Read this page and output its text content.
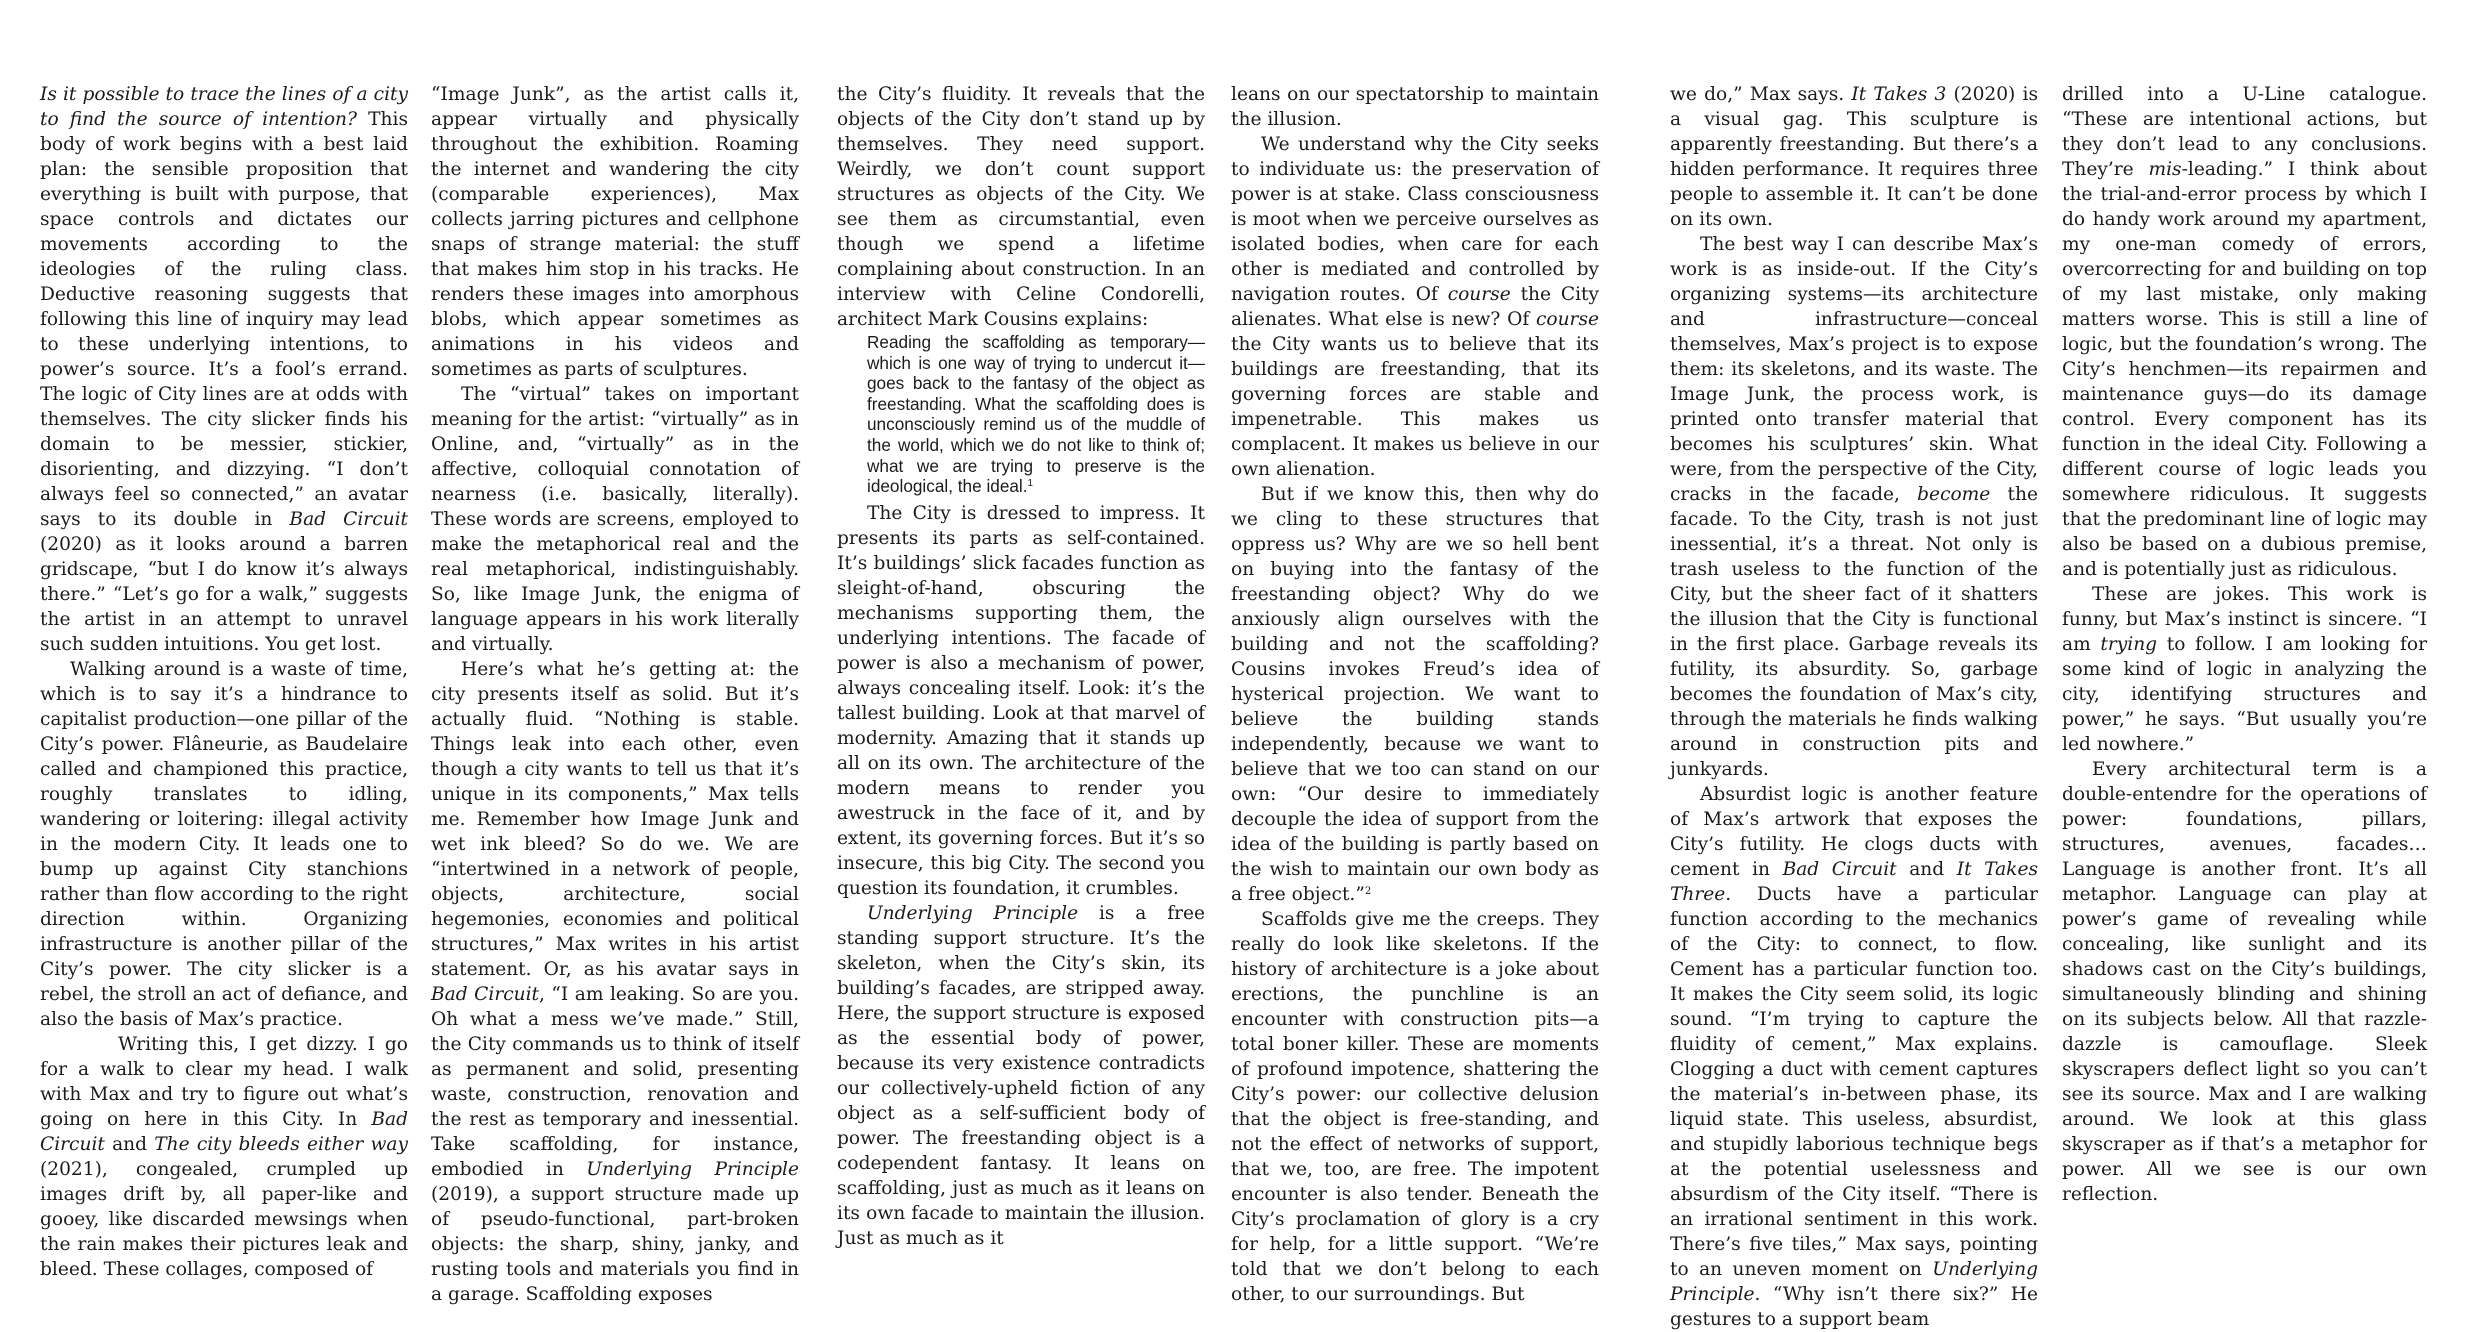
Is it possible to trace the lines of a city to find the source of intention? This body of work begins with a best laid plan: the sensible proposition that everything is built with purpose, that space controls and dictates our movements according to the ideologies of the ruling class. Deductive reasoning suggests that following this line of inquiry may lead to these underlying intentions, to power’s source. It’s a fool’s errand. The logic of City lines are at odds with themselves. The city slicker finds his domain to be messier, stickier, disorienting, and dizzying. “I don’t always feel so connected,” an avatar says to its double in Bad Circuit (2020) as it looks around a barren gridscape, “but I do know it’s always there.” “Let’s go for a walk,” suggests the artist in an attempt to unravel such sudden intuitions. You get lost.

Walking around is a waste of time, which is to say it’s a hindrance to capitalist production—one pillar of the City’s power. Flâneurie, as Baudelaire called and championed this practice, roughly translates to idling, wandering or loitering: illegal activity in the modern City. It leads one to bump up against City stanchions rather than flow according to the right direction within. Organizing infrastructure is another pillar of the City’s power. The city slicker is a rebel, the stroll an act of defiance, and also the basis of Max’s practice.

Writing this, I get dizzy. I go for a walk to clear my head. I walk with Max and try to figure out what’s going on here in this City. In Bad Circuit and The city bleeds either way (2021), congealed, crumpled up images drift by, all paper-like and gooey, like discarded mewsings when the rain makes their pictures leak and bleed. These collages, composed of

“Image Junk”, as the artist calls it, appear virtually and physically throughout the exhibition. Roaming the internet and wandering the city (comparable experiences), Max collects jarring pictures and cellphone snaps of strange material: the stuff that makes him stop in his tracks. He renders these images into amorphous blobs, which appear sometimes as animations in his videos and sometimes as parts of sculptures.

The “virtual” takes on important meaning for the artist: “virtually” as in Online, and, “virtually” as in the affective, colloquial connotation of nearness (i.e. basically, literally). These words are screens, employed to make the metaphorical real and the real metaphorical, indistinguishably. So, like Image Junk, the enigma of language appears in his work literally and virtually.

Here’s what he’s getting at: the city presents itself as solid. But it’s actually fluid. “Nothing is stable. Things leak into each other, even though a city wants to tell us that it’s unique in its components,” Max tells me. Remember how Image Junk and wet ink bleed? So do we. We are “intertwined in a network of people, objects, architecture, social hegemonies, economies and political structures,” Max writes in his artist statement. Or, as his avatar says in Bad Circuit, “I am leaking. So are you. Oh what a mess we’ve made.” Still, the City commands us to think of itself as permanent and solid, presenting waste, construction, renovation and the rest as temporary and inessential. Take scaffolding, for instance, embodied in Underlying Principle (2019), a support structure made up of pseudo-functional, part-broken objects: the sharp, shiny, janky, and rusting tools and materials you find in a garage. Scaffolding exposes

the City’s fluidity. It reveals that the objects of the City don’t stand up by themselves. They need support. Weirdly, we don’t count support structures as objects of the City. We see them as circumstantial, even though we spend a lifetime complaining about construction. In an interview with Celine Condorelli, architect Mark Cousins explains:

Reading the scaffolding as temporary—which is one way of trying to undercut it—goes back to the fantasy of the object as freestanding. What the scaffolding does is unconsciously remind us of the muddle of the world, which we do not like to think of; what we are trying to preserve is the ideological, the ideal.$^1$

The City is dressed to impress. It presents its parts as self-contained. It’s buildings’ slick facades function as sleight-of-hand, obscuring the mechanisms supporting them, the underlying intentions. The facade of power is also a mechanism of power, always concealing itself. Look: it’s the tallest building. Look at that marvel of modernity. Amazing that it stands up all on its own. The architecture of the modern means to render you awestruck in the face of it, and by extent, its governing forces. But it’s so insecure, this big City. The second you question its foundation, it crumbles.

Underlying Principle is a free standing support structure. It’s the skeleton, when the City’s skin, its building’s facades, are stripped away. Here, the support structure is exposed as the essential body of power, because its very existence contradicts our collectively-upheld fiction of any object as a self-sufficient body of power. The freestanding object is a codependent fantasy. It leans on scaffolding, just as much as it leans on its own facade to maintain the illusion. Just as much as it

leans on our spectatorship to maintain the illusion.

We understand why the City seeks to individuate us: the preservation of power is at stake. Class consciousness is moot when we perceive ourselves as isolated bodies, when care for each other is mediated and controlled by navigation routes. Of course the City alienates. What else is new? Of course the City wants us to believe that its buildings are freestanding, that its governing forces are stable and impenetrable. This makes us complacent. It makes us believe in our own alienation.

But if we know this, then why do we cling to these structures that oppress us? Why are we so hell bent on buying into the fantasy of the freestanding object? Why do we anxiously align ourselves with the building and not the scaffolding? Cousins invokes Freud’s idea of hysterical projection. We want to believe the building stands independently, because we want to believe that we too can stand on our own: “Our desire to immediately decouple the idea of support from the idea of the building is partly based on the wish to maintain our own body as a free object.”$^2$

Scaffolds give me the creeps. They really do look like skeletons. If the history of architecture is a joke about erections, the punchline is an encounter with construction pits—a total boner killer. These are moments of profound impotence, shattering the City’s power: our collective delusion that the object is free-standing, and not the effect of networks of support, that we, too, are free. The impotent encounter is also tender. Beneath the City’s proclamation of glory is a cry for help, for a little support. “We’re told that we don’t belong to each other, to our surroundings. But

we do,” Max says. It Takes 3 (2020) is a visual gag. This sculpture is apparently freestanding. But there’s a hidden performance. It requires three people to assemble it. It can’t be done on its own.

The best way I can describe Max’s work is as inside-out. If the City’s organizing systems—its architecture and infrastructure—conceal themselves, Max’s project is to expose them: its skeletons, and its waste. The Image Junk, the process work, is printed onto transfer material that becomes his sculptures’ skin. What were, from the perspective of the City, cracks in the facade, become the facade. To the City, trash is not just inessential, it’s a threat. Not only is trash useless to the function of the City, but the sheer fact of it shatters the illusion that the City is functional in the first place. Garbage reveals its futility, its absurdity. So, garbage becomes the foundation of Max’s city, through the materials he finds walking around in construction pits and junkyards.

Absurdist logic is another feature of Max’s artwork that exposes the City’s futility. He clogs ducts with cement in Bad Circuit and It Takes Three. Ducts have a particular function according to the mechanics of the City: to connect, to flow. Cement has a particular function too. It makes the City seem solid, its logic sound. “I’m trying to capture the fluidity of cement,” Max explains. Clogging a duct with cement captures the material’s in-between phase, its liquid state. This useless, absurdist, and stupidly laborious technique begs at the potential uselessness and absurdism of the City itself. “There is an irrational sentiment in this work. There’s five tiles,” Max says, pointing to an uneven moment on Underlying Principle. “Why isn’t there six?” He gestures to a support beam

drilled into a U-Line catalogue. “These are intentional actions, but they don’t lead to any conclusions. They’re mis-leading.” I think about the trial-and-error process by which I do handy work around my apartment, my one-man comedy of errors, overcorrecting for and building on top of my last mistake, only making matters worse. This is still a line of logic, but the foundation’s wrong. The City’s henchmen—its repairmen and maintenance guys—do its damage control. Every component has its function in the ideal City. Following a different course of logic leads you somewhere ridiculous. It suggests that the predominant line of logic may also be based on a dubious premise, and is potentially just as ridiculous.

These are jokes. This work is funny, but Max’s instinct is sincere. “I am trying to follow. I am looking for some kind of logic in analyzing the city, identifying structures and power,” he says. “But usually you’re led nowhere.”

Every architectural term is a double-entendre for the operations of power: foundations, pillars, structures, avenues, facades… Language is another front. It’s all metaphor. Language can play at power’s game of revealing while concealing, like sunlight and its shadows cast on the City’s buildings, simultaneously blinding and shining on its subjects below. All that razzle-dazzle is camouflage. Sleek skyscrapers deflect light so you can’t see its source. Max and I are walking around. We look at this glass skyscraper as if that’s a metaphor for power. All we see is our own reflection.
